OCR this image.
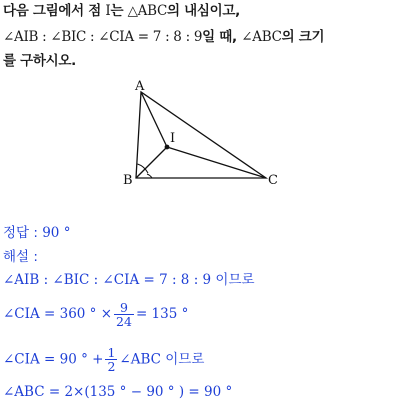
다음 그림에서 점 I는 △ABC의 내심이고,
∠AIB : ∠BIC : ∠CIA = 7 : 8 : 9일 때, ∠ABC의 크기
를 구하시오.
A
I
B	C
정답 : 90 °
해설 :
∠AIB : ∠BIC : ∠CIA = 7 : 8 : 9 이므로
∠CIA = 360 ° × $\frac{9}{24} = 135$ °
∠CIA = 90 ° + $\frac{1}{2}$ ∠ABC 이므로
∠ABC = 2×(135 ° − 90 ° ) = 90 °
